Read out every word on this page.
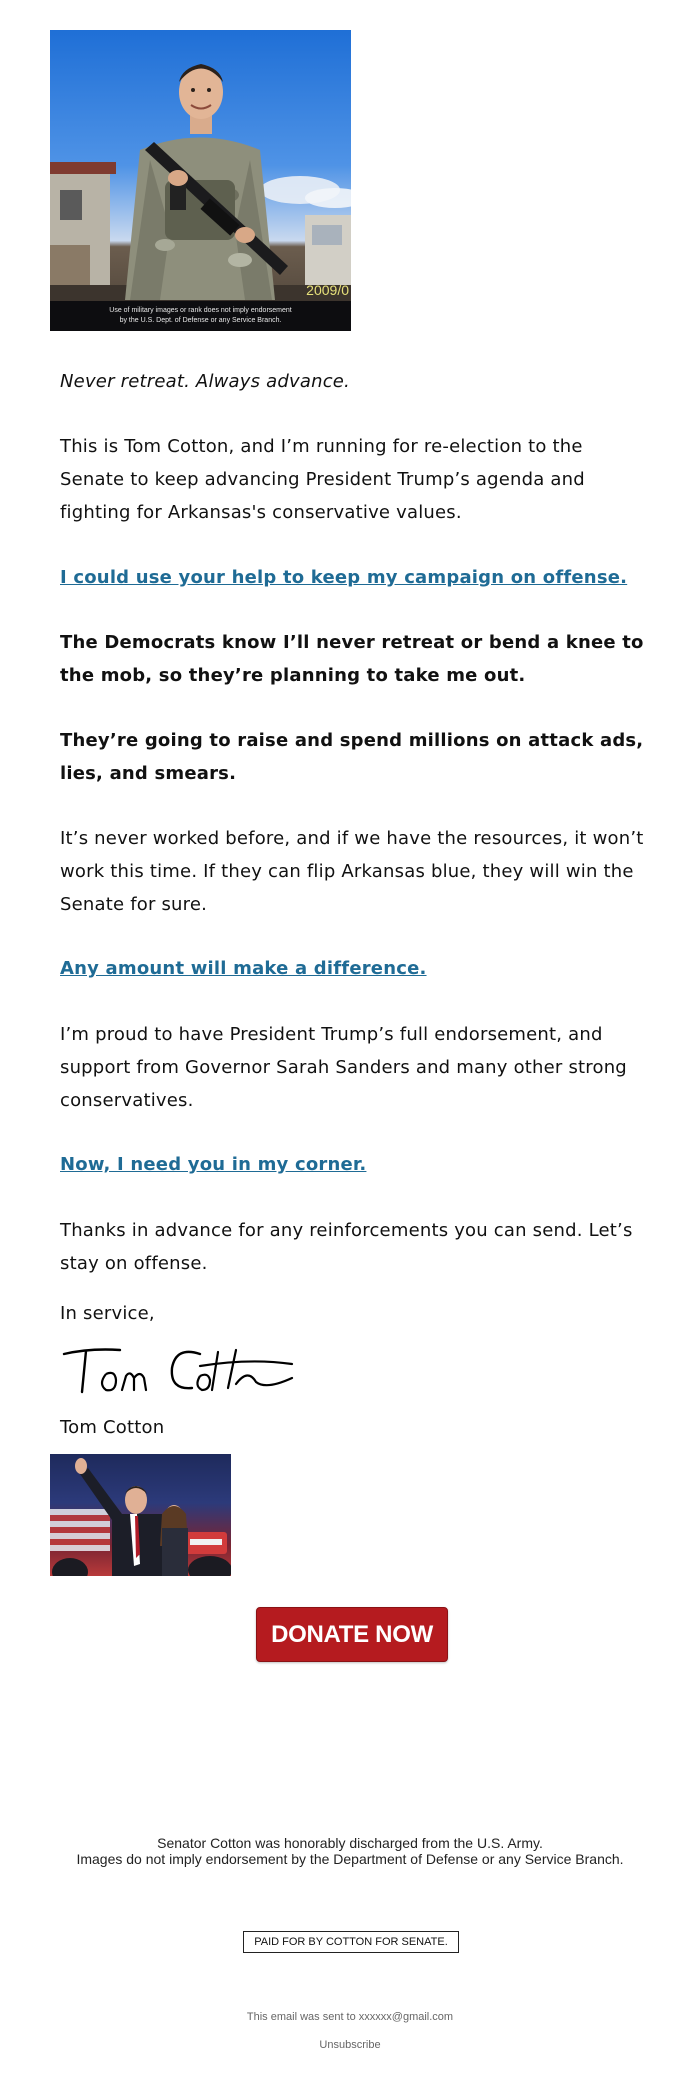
2009/0
Use of military images or rank does not imply endorsement
by the U.S. Dept. of Defense or any Service Branch.

Never retreat. Always advance.

This is Tom Cotton, and I’m running for re-election to the Senate to keep advancing President Trump’s agenda and fighting for Arkansas's conservative values.

I could use your help to keep my campaign on offense.

The Democrats know I’ll never retreat or bend a knee to the mob, so they’re planning to take me out.

They’re going to raise and spend millions on attack ads, lies, and smears.

It’s never worked before, and if we have the resources, it won’t work this time. If they can flip Arkansas blue, they will win the Senate for sure.

Any amount will make a difference.

I’m proud to have President Trump’s full endorsement, and support from Governor Sarah Sanders and many other strong conservatives.

Now, I need you in my corner.

Thanks in advance for any reinforcements you can send. Let’s stay on offense.

In service,

Tom Cotton

DONATE NOW
Senator Cotton was honorably discharged from the U.S. Army.
Images do not imply endorsement by the Department of Defense or any Service Branch.
PAID FOR BY COTTON FOR SENATE.
This email was sent to xxxxxx@gmail.com
Unsubscribe
